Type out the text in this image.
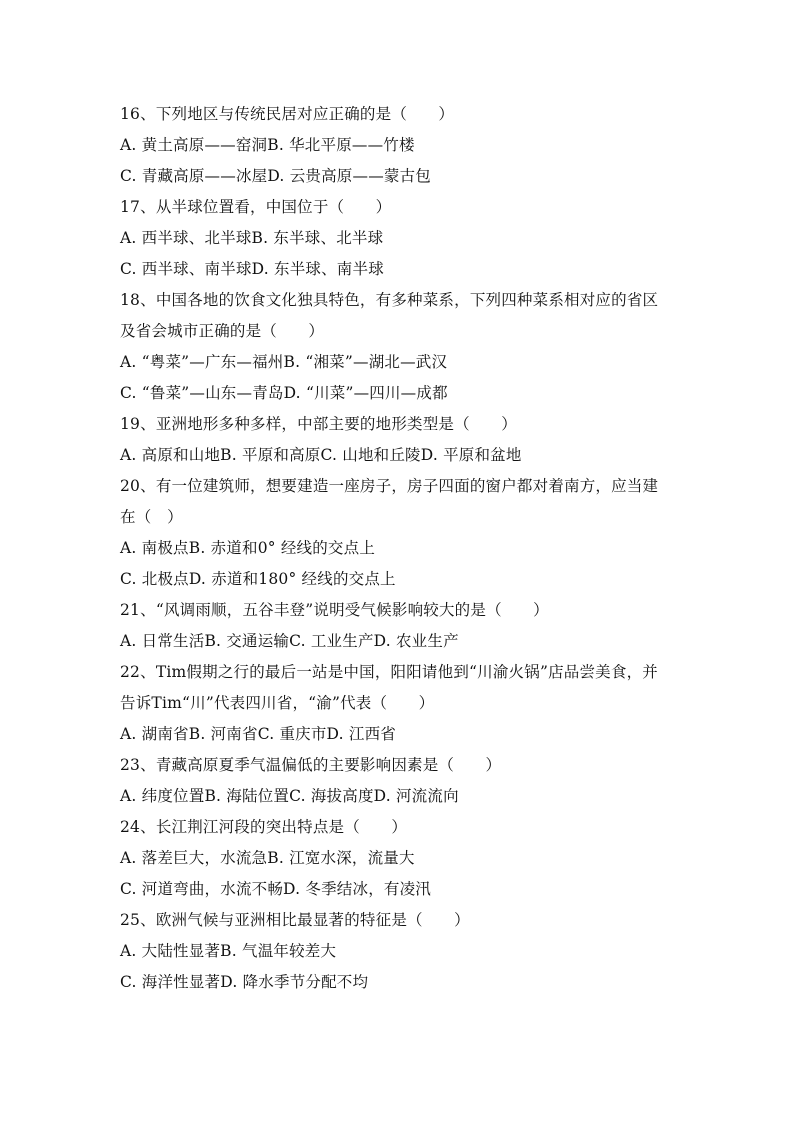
16、下列地区与传统民居对应正确的是（　　）
A. 黄土高原——窑洞B. 华北平原——竹楼
C. 青藏高原——冰屋D. 云贵高原——蒙古包
17、从半球位置看，中国位于（　　）
A. 西半球、北半球B. 东半球、北半球
C. 西半球、南半球D. 东半球、南半球
18、中国各地的饮食文化独具特色，有多种菜系，下列四种菜系相对应的省区
及省会城市正确的是（　　）
A. “粤菜”—广东—福州B. “湘菜”—湖北—武汉
C. “鲁菜”—山东—青岛D. “川菜”—四川—成都
19、亚洲地形多种多样，中部主要的地形类型是（　　）
A. 高原和山地B. 平原和高原C. 山地和丘陵D. 平原和盆地
20、有一位建筑师，想要建造一座房子，房子四面的窗户都对着南方，应当建
在（　）
A. 南极点B. 赤道和0° 经线的交点上
C. 北极点D. 赤道和180° 经线的交点上
21、“风调雨顺，五谷丰登”说明受气候影响较大的是（　　）
A. 日常生活B. 交通运输C. 工业生产D. 农业生产
22、Tim假期之行的最后一站是中国，阳阳请他到“川渝火锅”店品尝美食，并
告诉Tim“川”代表四川省，“渝”代表（　　）
A. 湖南省B. 河南省C. 重庆市D. 江西省
23、青藏高原夏季气温偏低的主要影响因素是（　　）
A. 纬度位置B. 海陆位置C. 海拔高度D. 河流流向
24、长江荆江河段的突出特点是（　　）
A. 落差巨大，水流急B. 江宽水深，流量大
C. 河道弯曲，水流不畅D. 冬季结冰，有凌汛
25、欧洲气候与亚洲相比最显著的特征是（　　）
A. 大陆性显著B. 气温年较差大
C. 海洋性显著D. 降水季节分配不均
